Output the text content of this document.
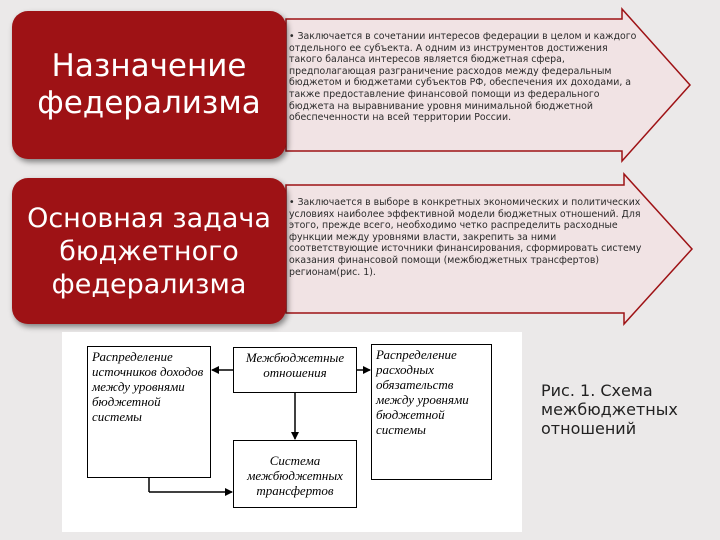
Назначение федерализма
Основная задача бюджетного федерализма
• Заключается в сочетании интересов федерации в целом и каждого отдельного ее субъекта. А одним из инструментов достижения такого баланса интересов является бюджетная сфера, предполагающая разграничение расходов между федеральным бюджетом и бюджетами субъектов РФ, обеспечения их доходами, а также предоставление финансовой помощи из федерального бюджета на выравнивание уровня минимальной бюджетной обеспеченности на всей территории России.
• Заключается в выборе в конкретных экономических и политических условиях наиболее эффективной модели бюджетных отношений. Для этого, прежде всего, необходимо четко распределить расходные функции между уровнями власти, закрепить за ними соответствующие источники финансирования, сформировать систему оказания финансовой помощи (межбюджетных трансфертов) регионам(рис. 1).
Распределение источников доходов между уровнями бюджетной системы
Межбюджетные отношения
Распределение расходных обязательств между уровнями бюджетной системы
Система межбюджетных трансфертов
Рис. 1. Схема межбюджетных отношений
